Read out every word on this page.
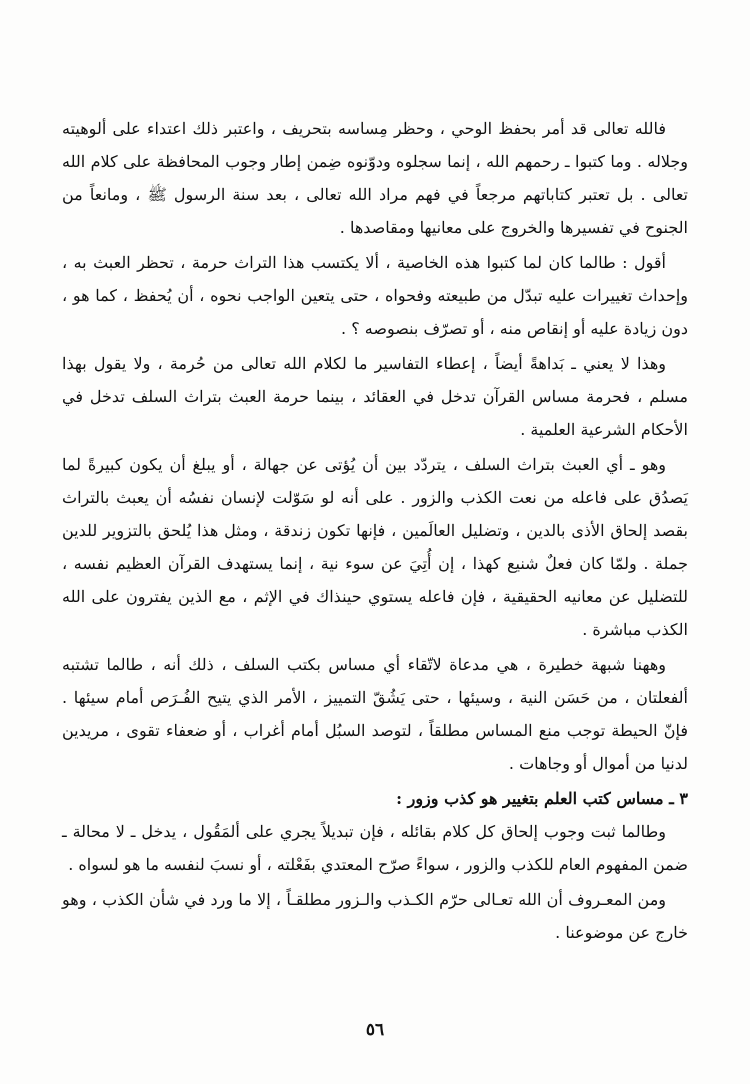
فالله تعالى قد أمر بحفظ الوحي ، وحظر مِساسه بتحريف ، واعتبر ذلك اعتداء على ألوهيته وجلاله . وما كتبوا ـ رحمهم الله ، إنما سجلوه ودوّنوه ضِمن إطار وجوب المحافظة على كلام الله تعالى . بل تعتبر كتاباتهم مرجعاً في فهم مراد الله تعالى ، بعد سنة الرسول ﷺ ، ومانعاً من الجنوح في تفسيرها والخروج على معانيها ومقاصدها .

أقول : طالما كان لما كتبوا هذه الخاصية ، ألا يكتسب هذا التراث حرمة ، تحظر العبث به ، وإحداث تغييرات عليه تبدّل من طبيعته وفحواه ، حتى يتعين الواجب نحوه ، أن يُحفظ ، كما هو ، دون زيادة عليه أو إنقاص منه ، أو تصرّف بنصوصه ؟ .

وهذا لا يعني ـ بَداهةً أيضاً ، إعطاء التفاسير ما لكلام الله تعالى من حُرمة ، ولا يقول بهذا مسلم ، فحرمة مساس القرآن تدخل في العقائد ، بينما حرمة العبث بتراث السلف تدخل في الأحكام الشرعية العلمية .

وهو ـ أي العبث بتراث السلف ، يتردّد بين أن يُؤتى عن جهالة ، أو يبلغ أن يكون كبيرةً لما يَصدُق على فاعله من نعت الكذب والزور . على أنه لو سَوّلت لإنسان نفسُه أن يعبث بالتراث بقصد إلحاق الأذى بالدين ، وتضليل العالَمين ، فإنها تكون زندقة ، ومثل هذا يُلحق بالتزوير للدين جملة . ولمّا كان فعلٌ شنيع كهذا ، إن أُتِيَ عن سوء نية ، إنما يستهدف القرآن العظيم نفسه ، للتضليل عن معانيه الحقيقية ، فإن فاعله يستوي حينذاك في الإثم ، مع الذين يفترون على الله الكذب مباشرة .

وههنا شبهة خطيرة ، هي مدعاة لاتّقاء أي مساس بكتب السلف ، ذلك أنه ، طالما تشتبه ألفعلتان ، من حَسَن النية ، وسيئها ، حتى يَشُقّ التمييز ، الأمر الذي يتيح الفُـرَص أمام سيئها . فإنّ الحيطة توجب منع المساس مطلقاً ، لتوصد السبُل أمام أغراب ، أو ضعفاء تقوى ، مريدين لدنيا من أموال أو وجاهات .

٣ ـ مساس كتب العلم بتغيير هو كذب وزور :

وطالما ثبت وجوب إلحاق كل كلام بقائله ، فإن تبديلاً يجري على ألمَقُول ، يدخل ـ لا محالة ـ ضمن المفهوم العام للكذب والزور ، سواءً صرّح المعتدي بفَعْلته ، أو نسبَ لنفسه ما هو لسواه .

ومن المعـروف أن الله تعـالى حرّم الكـذب والـزور مطلقـاً ، إلا ما ورد في شأن الكذب ، وهو خارج عن موضوعنا .

٥٦
